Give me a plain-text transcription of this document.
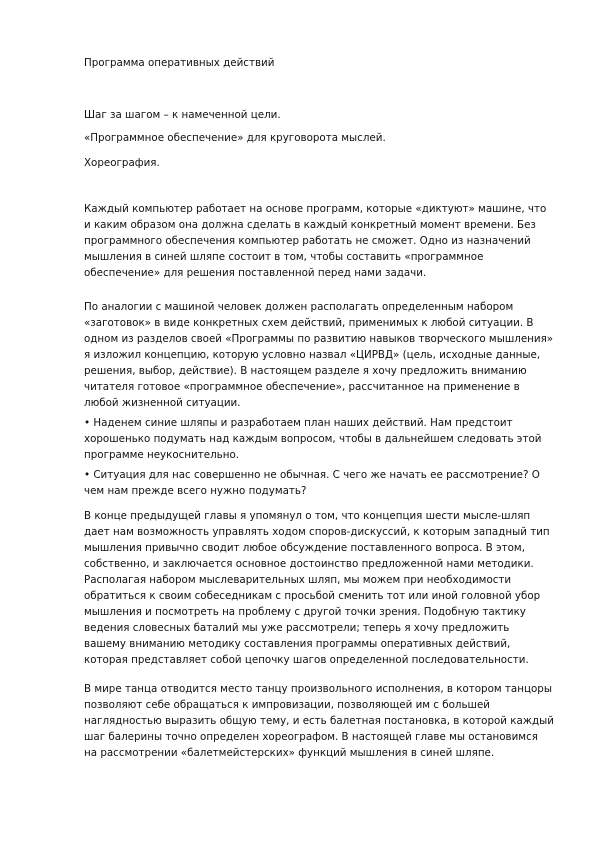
Программа оперативных действий

Шаг за шагом – к намеченной цели.

«Программное обеспечение» для круговорота мыслей.

Хореография.

Каждый компьютер работает на основе программ, которые «диктуют» машине, что и каким образом она должна сделать в каждый конкретный момент времени. Без программного обеспечения компьютер работать не сможет. Одно из назначений мышления в синей шляпе состоит в том, чтобы составить «программное обеспечение» для решения поставленной перед нами задачи.

По аналогии с машиной человек должен располагать определенным набором «заготовок» в виде конкретных схем действий, применимых к любой ситуации. В одном из разделов своей «Программы по развитию навыков творческого мышления» я изложил концепцию, которую условно назвал «ЦИРВД» (цель, исходные данные, решения, выбор, действие). В настоящем разделе я хочу предложить вниманию читателя готовое «программное обеспечение», рассчитанное на применение в любой жизненной ситуации.

• Наденем синие шляпы и разработаем план наших действий. Нам предстоит хорошенько подумать над каждым вопросом, чтобы в дальнейшем следовать этой программе неукоснительно.

• Ситуация для нас совершенно не обычная. С чего же начать ее рассмотрение? О чем нам прежде всего нужно подумать?

В конце предыдущей главы я упомянул о том, что концепция шести мысле-шляп дает нам возможность управлять ходом споров-дискуссий, к которым западный тип мышления привычно сводит любое обсуждение поставленного вопроса. В этом, собственно, и заключается основное достоинство предложенной нами методики. Располагая набором мыслеварительных шляп, мы можем при необходимости обратиться к своим собеседникам с просьбой сменить тот или иной головной убор мышления и посмотреть на проблему с другой точки зрения. Подобную тактику ведения словесных баталий мы уже рассмотрели; теперь я хочу предложить вашему вниманию методику составления программы оперативных действий, которая представляет собой цепочку шагов определенной последовательности.

В мире танца отводится место танцу произвольного исполнения, в котором танцоры позволяют себе обращаться к импровизации, позволяющей им с большей наглядностью выразить общую тему, и есть балетная постановка, в которой каждый шаг балерины точно определен хореографом. В настоящей главе мы остановимся на рассмотрении «балетмейстерских» функций мышления в синей шляпе.
